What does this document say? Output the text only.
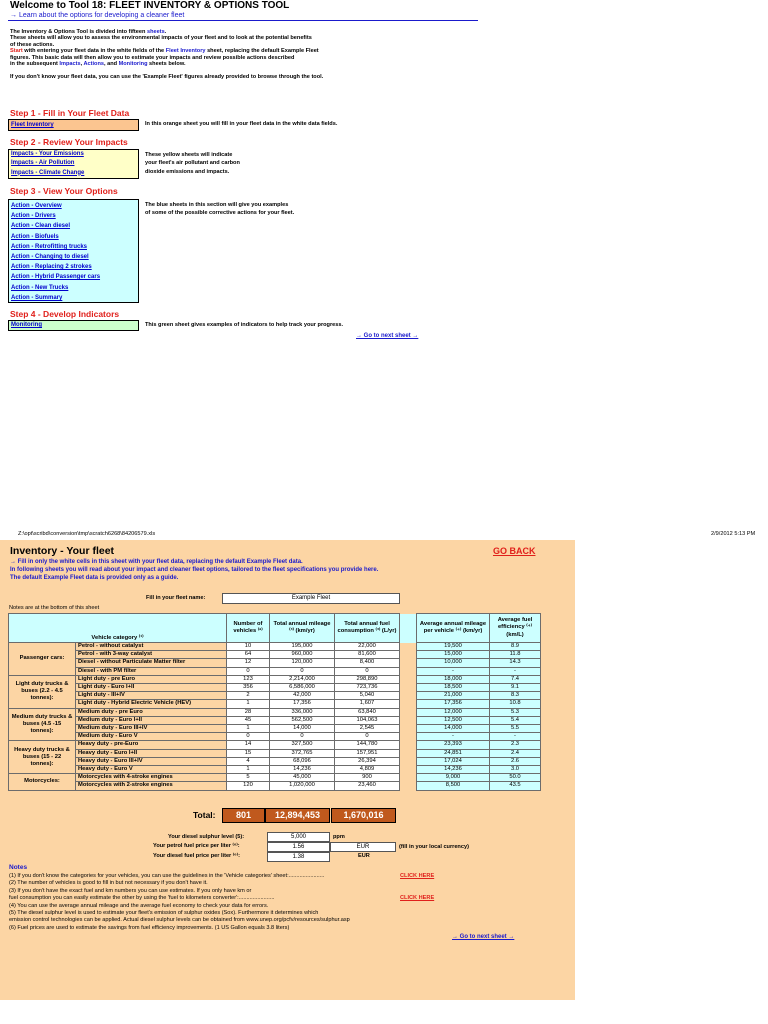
Welcome to Tool 18: FLEET INVENTORY & OPTIONS TOOL
→ Learn about the options for developing a cleaner fleet
The Inventory & Options Tool is divided into fifteen sheets.
These sheets will allow you to assess the environmental impacts of your fleet and to look at the potential benefits
of these actions.
Start with entering your fleet data in the white fields of the Fleet Inventory sheet, replacing the default Example Fleet
figures. This basic data will then allow you to estimate your impacts and review possible actions described
in the subsequent Impacts, Actions, and Monitoring sheets below.
If you don't know your fleet data, you can use the 'Example Fleet' figures already provided to browse through the tool.
Step 1 - Fill in Your Fleet Data
Fleet Inventory	In this orange sheet you will fill in your fleet data in the white data fields.
Step 2 - Review Your Impacts
Impacts - Your Emissions
Impacts - Air Pollution
Impacts - Climate Change
These yellow sheets will indicate
your fleet's air pollutant and carbon
dioxide emissions and impacts.
Step 3 - View Your Options
Action - Overview
Action - Drivers
Action - Clean diesel
Action - Biofuels
Action - Retrofitting trucks
Action - Changing to diesel
Action - Replacing 2 strokes
Action - Hybrid Passenger cars
Action - New Trucks
Action - Summary
The blue sheets in this section will give you examples
of some of the possible corrective actions for your fleet.
Step 4 - Develop Indicators
Monitoring	This green sheet gives examples of indicators to help track your progress.
→ Go to next sheet →
Z:\opt\scribd\conversion\tmp\scratch6268\84206579.xls	2/9/2012 5:13 PM
Inventory - Your fleet	GO BACK
→ Fill in only the white cells in this sheet with your fleet data, replacing the default Example Fleet data.
In following sheets you will read about your impact and cleaner fleet options, tailored to the fleet specifications you provide here.
The default Example Fleet data is provided only as a guide.
Fill in your fleet name:	Example Fleet
Notes are at the bottom of this sheet
Vehicle category ⁽¹⁾		Number of vehicles ⁽²⁾	Total annual mileage ⁽³⁾ (km/yr)	Total annual fuel consumption ⁽³⁾ (L/yr)		Average annual mileage per vehicle ⁽⁴⁾ (km/yr)	Average fuel efficiency ⁽⁴⁾ (km/L)
Passenger cars:	Petrol - without catalyst	10	195,000	22,000		19,500	8.9
	Petrol - with 3-way catalyst	64	960,000	81,600		15,000	11.8
	Diesel - without Particulate Matter filter	12	120,000	8,400		10,000	14.3
	Diesel - with PM filter	0	0	0		-	-
Light duty trucks & buses (2.2 - 4.5 tonnes):	Light duty - pre Euro	123	2,214,000	298,890		18,000	7.4
	Light duty - Euro I+II	356	6,586,000	723,736		18,500	9.1
	Light duty - III+IV	2	42,000	5,040		21,000	8.3
	Light duty - Hybrid Electric Vehicle (HEV)	1	17,356	1,607		17,356	10.8
Medium duty trucks & buses (4.5 -15 tonnes):	Medium duty - pre Euro	28	336,000	63,840		12,000	5.3
	Medium duty - Euro I+II	45	562,500	104,063		12,500	5.4
	Medium duty - Euro III+IV	1	14,000	2,545		14,000	5.5
	Medium duty - Euro V	0	0	0		-	-
Heavy duty trucks & buses (15 - 22 tonnes):	Heavy duty - pre-Euro	14	327,500	144,780		23,393	2.3
	Heavy duty - Euro I+II	15	372,765	157,951		24,851	2.4
	Heavy duty - Euro III+IV	4	68,096	26,394		17,024	2.6
	Heavy duty - Euro V	1	14,236	4,809		14,236	3.0
Motorcycles:	Motorcycles with 4-stroke engines	5	45,000	900		9,000	50.0
	Motorcycles with 2-stroke engines	120	1,020,000	23,460		8,500	43.5
Total:	801	12,894,453	1,670,016
Your diesel sulphur level (5):	5,000	ppm
Your petrol fuel price per liter ⁽⁶⁾:	1.56	EUR	(fill in your local currency)
Your diesel fuel price per liter ⁽⁶⁾:	1.38	EUR
Notes
(1) If you don't know the categories for your vehicles, you can use the guidelines in the 'Vehicle categories' sheet:.......................
(2) The number of vehicles is good to fill in but not necessary if you don't have it.
(3) If you don't have the exact fuel and km numbers you can use estimates. If you only have km or
fuel consumption you can easily estimate the other by using the 'fuel to kilometers converter':.......................
(4) You can use the average annual mileage and the average fuel economy to check your data for errors.
(5) The diesel sulphur level is used to estimate your fleet's emission of sulphur oxides (Sox). Furthermore it determines which
emission control technologies can be applied. Actual diesel sulphur levels can be obtained from www.unep.org/pcfv/resources/sulphur.asp
(6) Fuel prices are used to estimate the savings from fuel efficiency improvements. (1 US Gallon equals 3.8 liters)
CLICK HERE
CLICK HERE
→ Go to next sheet →
